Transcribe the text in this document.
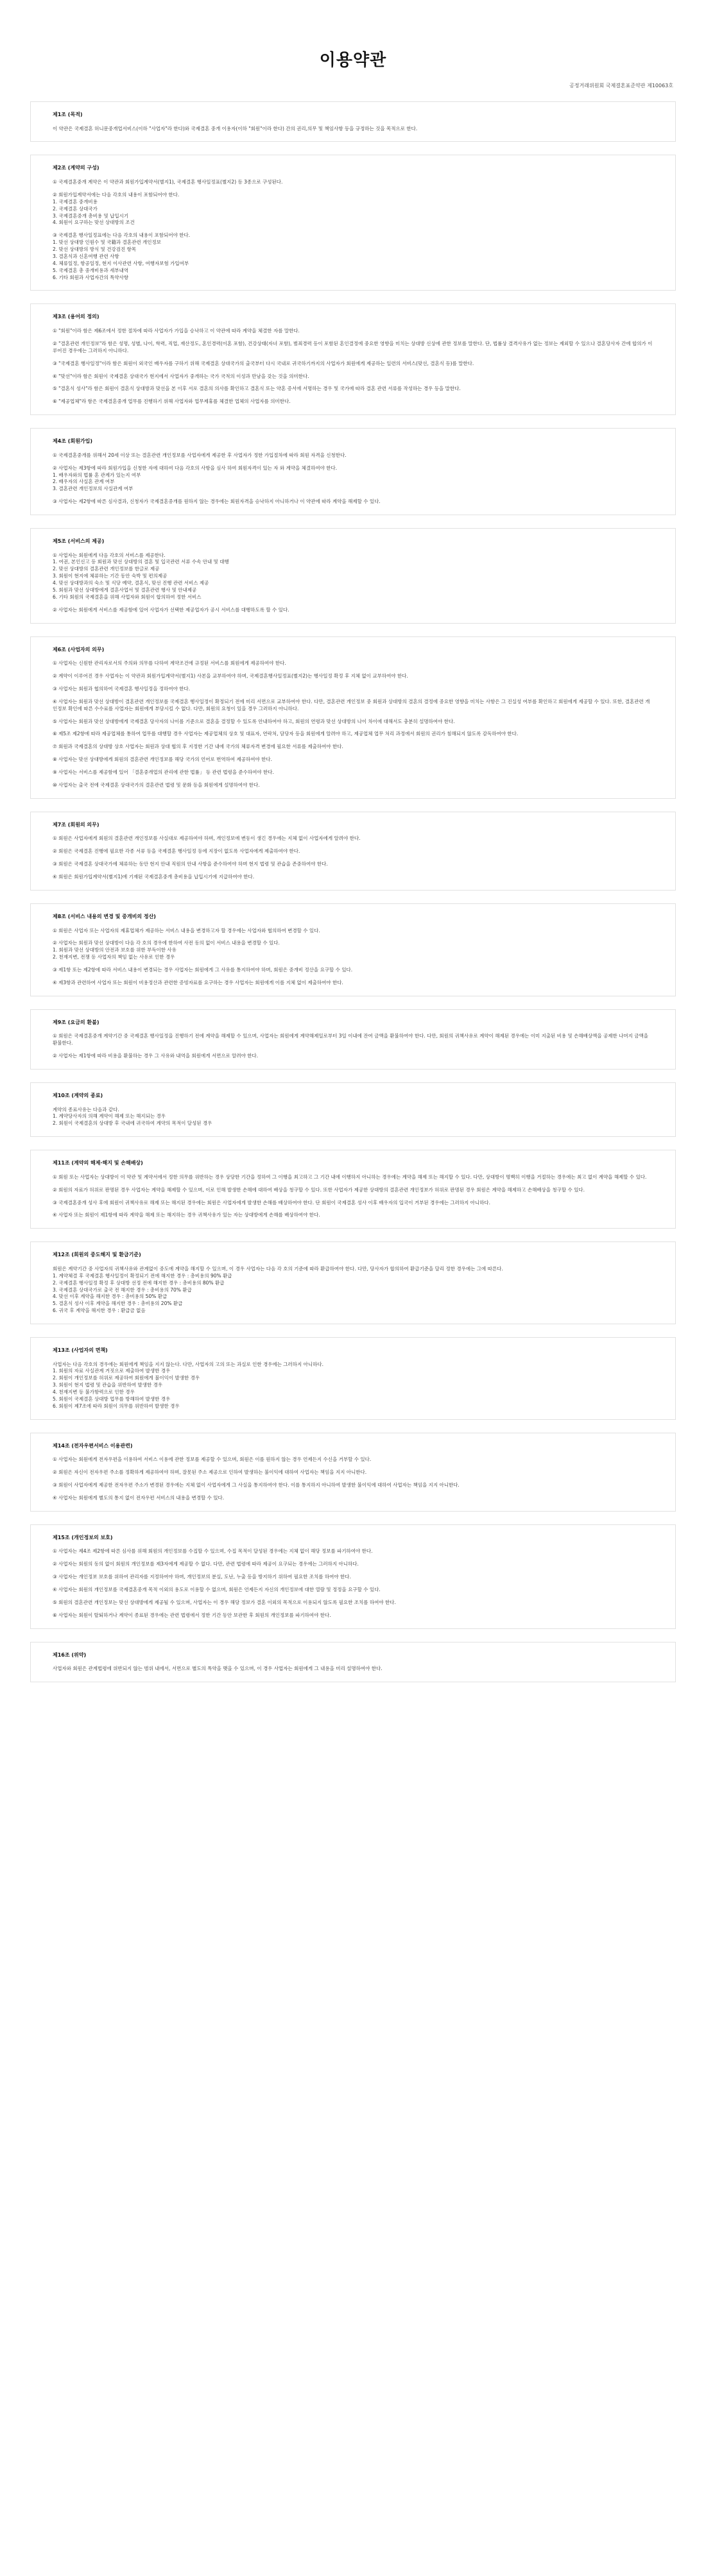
이용약관
공정거래위원회 국제결혼표준약관 제10063호
제1조 (목적)
이 약관은 국제결혼 허니문중개업서비스(이하 "사업자"라 한다)와 국제결혼 중개 이용자(이하 "회원"이라 한다) 간의 권리,의무 및 책임사항 등을 규정하는 것을 목적으로 한다.
제2조 (계약의 구성)
① 국제결혼중개 계약은 이 약관과 회원가입계약서(별지1), 국제결혼 행사일정표(별지2) 등 3종으로 구성된다.
② 회원가입계약서에는 다음 각호의 내용이 포함되어야 한다.
1. 국제결혼 중개비용
2. 국제결혼 상대국가
3. 국제결혼중개 총비용 및 납입시기
4. 회원이 요구하는 맞선 상대방의 조건
③ 국제결혼 행사일정표에는 다음 각호의 내용이 포함되어야 한다.
1. 맞선 상대방 인원수 및 국籍과 결혼관련 개인정보
2. 맞선 상대방의 방식 및 건강검진 항목
3. 결혼식과 신혼여행 관련 사항
4. 체류일정, 항공일정, 현지 이사관련 사항, 여행자보험 가입여부
5. 국제결혼 총 중개비용과 세부내역
6. 기타 회원과 사업자간의 특약사항
제3조 (용어의 정의)
① "회원"이라 함은 제6조에서 정한 절차에 따라 사업자가 가입을 승낙하고 이 약관에 따라 계약을 체결한 자를 말한다.
② "결혼관련 개인정보"라 함은 성명, 성별, 나이, 학력, 직업, 재산정도, 혼인경력(이혼 포함), 건강상태(자녀 포함), 범죄경력 등이 포함된 혼인결정에 중요한 영향을 미치는 상대방 신상에 관한 정보를 말한다. 단, 법률상 결격사유가 없는 정보는 제외할 수 있으나 결혼당사자 간에 합의가 이루어진 경우에는 그러하지 아니하다.
③ "국제결혼 행사일정"이라 함은 회원이 외국인 배우자를 구하기 위해 국제결혼 상대국가의 출국부터 다시 국내로 귀국하기까지의 사업자가 회원에게 제공하는 일련의 서비스(맞선, 결혼식 등)를 말한다.
④ "맞선"이라 함은 회원이 국제결혼 상대국가 현지에서 사업자가 중개하는 국가 국적의 이성과 만남을 갖는 것을 의미한다.
⑤ "결혼식 성사"라 함은 회원이 결혼식 상대방과 맞선을 본 이후 서로 결혼의 의사를 확인하고 결혼식 또는 약혼 증서에 서명하는 경우 및 국가에 따라 결혼 관련 서류를 작성하는 경우 등을 말한다.
⑥ "제공업체"라 함은 국제결혼중개 업무를 진행하기 위해 사업자와 업무제휴를 체결한 업체의 사업자를 의미한다.
제4조 (회원가입)
① 국제결혼중개를 위해서 20세 이상 또는 결혼관련 개인정보를 사업자에게 제공한 후 사업자가 정한 가입절차에 따라 회원 자격을 신청한다.
② 사업자는 제3항에 따라 회원가입을 신청한 자에 대하여 다음 각호의 사항을 심사 하여 회원자격이 있는 자 와 계약을 체결하여야 한다.
1. 배우자와의 법률 혼 관계가 있는지 여부
2. 배우자의 사실혼 관계 여부
3. 결혼관련 개인정보의 사실관계 여부
③ 사업자는 제2항에 따른 심사결과, 신청자가 국제결혼중개를 원하지 않는 경우에는 회원자격을 승낙하지 아니하거나 이 약관에 따라 계약을 해제할 수 있다.
제5조 (서비스의 제공)
① 사업자는 회원에게 다음 각호의 서비스를 제공한다.
1. 여권, 본인신고 등 회원과 맞선 상대방의 결혼 및 입국관련 서류 수속 안내 및 대행
2. 맞선 상대방의 결혼관련 개인정보를 한글로 제공
3. 회원이 현지에 체류하는 기간 동안 숙박 및 편의제공
4. 맞선 상대방과의 숙소 및 식당 예약, 결혼식, 맞선 진행 관련 서비스 제공
5. 회원과 맞선 상대방에게 결혼사업서 및 결혼관련 행사 및 안내제공
6. 기타 회원의 국제결혼을 위해 사업자와 회원이 합의하여 정한 서비스
② 사업자는 회원에게 서비스를 제공함에 있어 사업자가 선택한 제공업자가 공시 서비스를 대행하도록 할 수 있다.
제6조 (사업자의 의무)
① 사업자는 신원한 관리자로서의 주의와 의무를 다하여 계약조건에 규정된 서비스를 회원에게 제공하여야 한다.
② 계약이 이루어진 경우 사업자는 이 약관과 회원가입계약서(별지1) 사본을 교부하여야 하며, 국제결혼행사일정표(별지2)는 행사일정 확정 후 지체 없이 교부하여야 한다.
③ 사업자는 회원과 협의하여 국제결혼 행사일정을 정하여야 한다.
④ 사업자는 회원과 맞선 상대방이 결혼관련 개인정보를 국제결혼 행사일정이 확정되기 전에 미리 서면으로 교부하여야 한다. 다만, 결혼관련 개인정보 중 회원과 상대방의 결혼의 결정에 중요한 영향을 미치는 사항은 그 진실성 여부를 확인하고 회원에게 제공할 수 있다. 또한, 결혼관련 개인정보 확인에 따른 수수료를 사업자는 회원에게 부담시킬 수 없다. 다만, 회원의 요청이 있을 경우 그러하지 아니하다.
⑤ 사업자는 회원과 맞선 상대방에게 국제결혼 당사자의 나이를 기준으로 결혼을 결정할 수 있도록 안내하여야 하고, 회원의 연령과 맞선 상대방의 나이 차이에 대해서도 충분히 설명하여야 한다.
⑥ 제5조 제2항에 따라 제공업체를 통하여 업무를 대행할 경우 사업자는 제공업체의 상호 및 대표자, 연락처, 담당자 등을 회원에게 알려야 하고, 제공업체 업무 처리 과정에서 회원의 권리가 침해되지 않도록 감독하여야 한다.
⑦ 회원과 국제결혼의 상대방 상호 사업자는 회원과 상대 협의 후 지정한 기간 내에 국가의 체류자격 변경에 필요한 서류를 제출하여야 한다.
⑧ 사업자는 맞선 상대방에게 회원의 결혼관련 개인정보를 해당 국가의 언어로 번역하여 제공하여야 한다.
⑨ 사업자는 서비스를 제공함에 있어 「결혼중개업의 관리에 관한 법률」 등 관련 법령을 준수하여야 한다.
⑩ 사업자는 출국 전에 국제결혼 상대국가의 결혼관련 법령 및 문화 등을 회원에게 설명하여야 한다.
제7조 (회원의 의무)
① 회원은 사업자에게 회원의 결혼관련 개인정보를 사실대로 제공하여야 하며, 개인정보에 변동이 생긴 경우에는 지체 없이 사업자에게 알려야 한다.
② 회원은 국제결혼 진행에 필요한 각종 서류 등을 국제결혼 행사일정 등에 지장이 없도록 사업자에게 제출하여야 한다.
③ 회원은 국제결혼 상대국가에 체류하는 동안 현지 안내 직원의 안내 사항을 준수하여야 하며 현지 법령 및 관습을 존중하여야 한다.
④ 회원은 회원가입계약서(별지1)에 기재된 국제결혼중개 총비용을 납입시기에 지급하여야 한다.
제8조 (서비스 내용의 변경 및 중개비의 정산)
① 회원은 사업자 또는 사업자의 제휴업체가 제공하는 서비스 내용을 변경하고자 할 경우에는 사업자와 협의하여 변경할 수 있다.
② 사업자는 회원과 맞선 상대방이 다음 각 호의 경우에 한하여 사전 동의 없이 서비스 내용을 변경할 수 있다.
1. 회원과 맞선 상대방의 안전과 보호를 위한 부득이한 사유
2. 천재지변, 전쟁 등 사업자의 책임 없는 사유로 인한 경우
③ 제1항 또는 제2항에 따라 서비스 내용이 변경되는 경우 사업자는 회원에게 그 사유를 통지하여야 하며, 회원은 중개비 정산을 요구할 수 있다.
④ 제3항과 관련하여 사업자 또는 회원이 비용정산과 관련한 증빙자료를 요구하는 경우 사업자는 회원에게 이를 지체 없이 제출하여야 한다.
제9조 (요금의 환불)
① 회원은 국제결혼중개 계약기간 중 국제결혼 행사일정을 진행하기 전에 계약을 해제할 수 있으며, 사업자는 회원에게 계약해제일로부터 3일 이내에 잔여 금액을 환불하여야 한다. 다만, 회원의 귀책사유로 계약이 해제된 경우에는 이미 지출된 비용 및 손해배상액을 공제한 나머지 금액을 환불한다.
② 사업자는 제1항에 따라 비용을 환불하는 경우 그 사유와 내역을 회원에게 서면으로 알려야 한다.
제10조 (계약의 종료)
계약의 종료사유는 다음과 같다.
1. 계약당사자의 의해 계약이 해제 또는 해지되는 경우
2. 회원이 국제결혼의 상대방 후 국내에 귀국하여 계약의 목적이 달성된 경우
제11조 (계약의 해제·해지 및 손해배상)
① 회원 또는 사업자는 상대방이 이 약관 및 계약서에서 정한 의무를 위반하는 경우 상당한 기간을 정하여 그 이행을 최고하고 그 기간 내에 이행하지 아니하는 경우에는 계약을 해제 또는 해지할 수 있다. 다만, 상대방이 명백히 이행을 거절하는 경우에는 최고 없이 계약을 해제할 수 있다.
② 회원의 자료가 허위로 판명된 경우 사업자는 계약을 해제할 수 있으며, 이로 인해 발생한 손해에 대하여 배상을 청구할 수 있다. 또한 사업자가 제공한 상대방의 결혼관련 개인정보가 허위로 판명된 경우 회원은 계약을 해제하고 손해배상을 청구할 수 있다.
③ 국제결혼중개 성사 후에 회원이 귀책사유로 해제 또는 해지된 경우에는 회원은 사업자에게 발생한 손해를 배상하여야 한다. 단 회원이 국제결혼 성사 이후 배우자의 입국이 거부된 경우에는 그러하지 아니하다.
④ 사업자 또는 회원이 제1항에 따라 계약을 해제 또는 해지하는 경우 귀책사유가 있는 자는 상대방에게 손해를 배상하여야 한다.
제12조 (회원의 중도해지 및 환급기준)
회원은 계약기간 중 사업자의 귀책사유와 관계없이 중도에 계약을 해지할 수 있으며, 이 경우 사업자는 다음 각 호의 기준에 따라 환급하여야 한다. 다만, 당사자가 합의하여 환급기준을 달리 정한 경우에는 그에 따른다.
1. 계약체결 후 국제결혼 행사일정이 확정되기 전에 해지한 경우 : 총비용의 90% 환급
2. 국제결혼 행사일정 확정 후 상대방 선정 전에 해지한 경우 : 총비용의 80% 환급
3. 국제결혼 상대국가로 출국 전 해지한 경우 : 총비용의 70% 환급
4. 맞선 이후 계약을 해지한 경우 : 총비용의 50% 환급
5. 결혼식 성사 이후 계약을 해지한 경우 : 총비용의 20% 환급
6. 귀국 후 계약을 해지한 경우 : 환급금 없음
제13조 (사업자의 면책)
사업자는 다음 각호의 경우에는 회원에게 책임을 지지 않는다. 다만, 사업자의 고의 또는 과실로 인한 경우에는 그러하지 아니하다.
1. 회원의 자료 사실관계 거짓으로 제출하여 발생한 경우
2. 회원이 개인정보를 허위로 제공하여 회원에게 불이익이 발생한 경우
3. 회원이 현지 법령 및 관습을 위반하여 발생한 경우
4. 천재지변 등 불가항력으로 인한 경우
5. 회원이 국제결혼 상대방 업무를 방해하여 발생한 경우
6. 회원이 제7조에 따라 회원이 의무를 위반하여 발생한 경우
제14조 (전자우편서비스 이용관련)
① 사업자는 회원에게 전자우편을 이용하여 서비스 이용에 관한 정보를 제공할 수 있으며, 회원은 이를 원하지 않는 경우 언제든지 수신을 거부할 수 있다.
② 회원은 자신이 전자우편 주소를 정확하게 제공하여야 하며, 잘못된 주소 제공으로 인하여 발생하는 불이익에 대하여 사업자는 책임을 지지 아니한다.
③ 회원이 사업자에게 제공한 전자우편 주소가 변경된 경우에는 지체 없이 사업자에게 그 사실을 통지하여야 한다. 이를 통지하지 아니하여 발생한 불이익에 대하여 사업자는 책임을 지지 아니한다.
④ 사업자는 회원에게 별도의 통지 없이 전자우편 서비스의 내용을 변경할 수 있다.
제15조 (개인정보의 보호)
① 사업자는 제4조 제2항에 따른 심사를 위해 회원의 개인정보를 수집할 수 있으며, 수집 목적이 달성된 경우에는 지체 없이 해당 정보를 파기하여야 한다.
② 사업자는 회원의 동의 없이 회원의 개인정보를 제3자에게 제공할 수 없다. 다만, 관련 법령에 따라 제공이 요구되는 경우에는 그러하지 아니하다.
③ 사업자는 개인정보 보호를 위하여 관리자를 지정하여야 하며, 개인정보의 분실, 도난, 누출 등을 방지하기 위하여 필요한 조치를 하여야 한다.
④ 사업자는 회원의 개인정보를 국제결혼중개 목적 이외의 용도로 이용할 수 없으며, 회원은 언제든지 자신의 개인정보에 대한 열람 및 정정을 요구할 수 있다.
⑤ 회원의 결혼관련 개인정보는 맞선 상대방에게 제공될 수 있으며, 사업자는 이 경우 해당 정보가 결혼 이외의 목적으로 이용되지 않도록 필요한 조치를 하여야 한다.
⑥ 사업자는 회원이 탈퇴하거나 계약이 종료된 경우에는 관련 법령에서 정한 기간 동안 보관한 후 회원의 개인정보를 파기하여야 한다.
제16조 (위약)
사업자와 회원은 관계법령에 위반되지 않는 범위 내에서, 서면으로 별도의 특약을 맺을 수 있으며, 이 경우 사업자는 회원에게 그 내용을 미리 설명하여야 한다.
